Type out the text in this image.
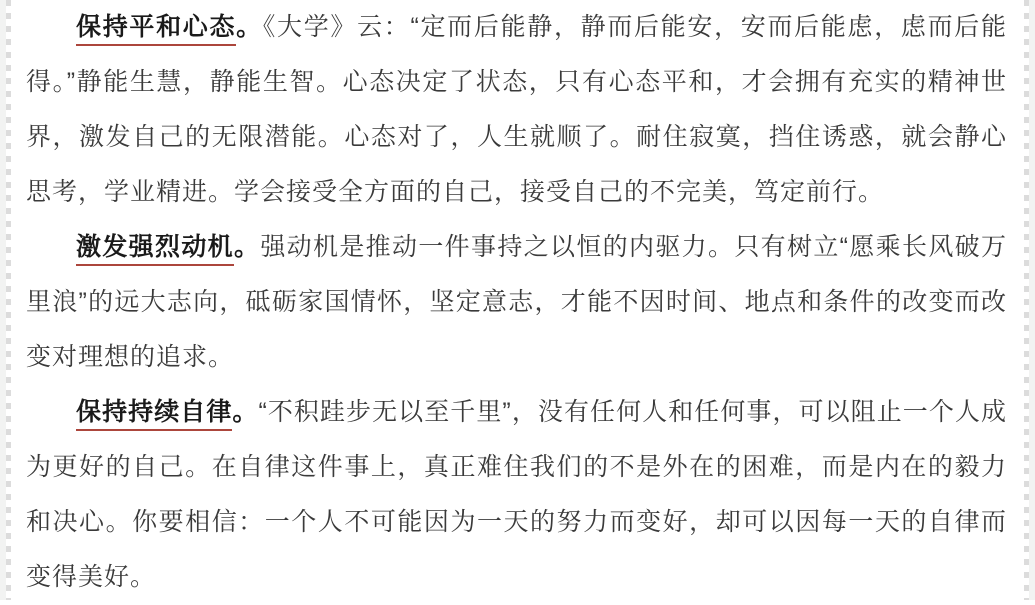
保持平和心态。《大学》云：“定而后能静，静而后能安，安而后能虑，虑而后能得。”静能生慧，静能生智。心态决定了状态，只有心态平和，才会拥有充实的精神世界，激发自己的无限潜能。心态对了，人生就顺了。耐住寂寞，挡住诱惑，就会静心思考，学业精进。学会接受全方面的自己，接受自己的不完美，笃定前行。

激发强烈动机。强动机是推动一件事持之以恒的内驱力。只有树立“愿乘长风破万里浪”的远大志向，砥砺家国情怀，坚定意志，才能不因时间、地点和条件的改变而改变对理想的追求。

保持持续自律。“不积跬步无以至千里”，没有任何人和任何事，可以阻止一个人成为更好的自己。在自律这件事上，真正难住我们的不是外在的困难，而是内在的毅力和决心。你要相信：一个人不可能因为一天的努力而变好，却可以因每一天的自律而变得美好。
